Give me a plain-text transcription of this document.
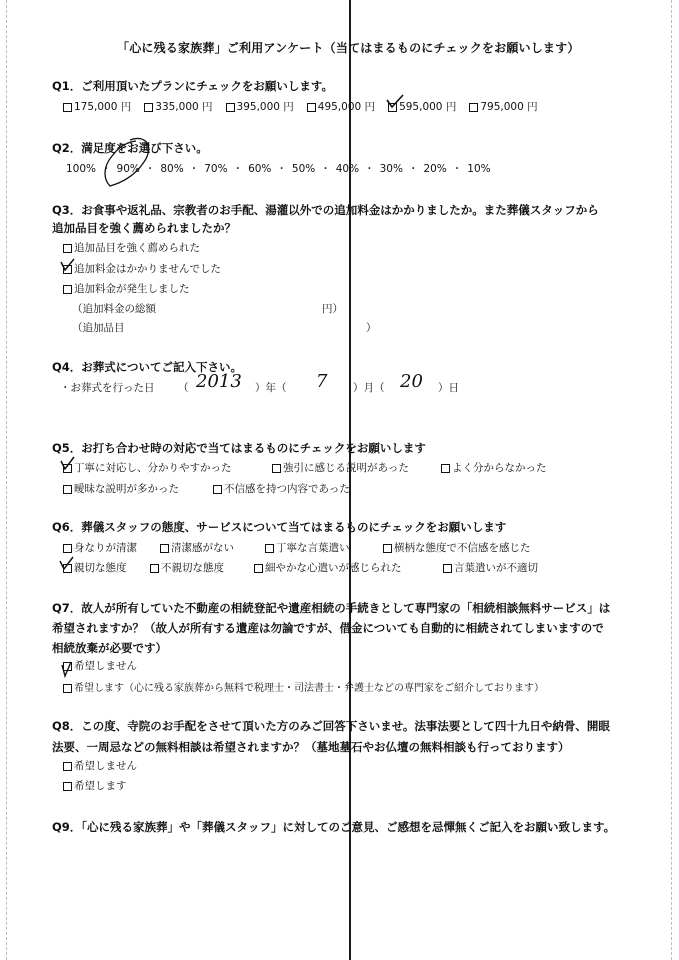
「心に残る家族葬」ご利用アンケート（当てはまるものにチェックをお願いします）
Q1．ご利用頂いたプランにチェックをお願いします。
175,000 円	335,000 円	395,000 円	495,000 円	595,000 円	795,000 円
Q2．満足度をお選び下さい。
100% ・ 90% ・ 80% ・ 70% ・ 60% ・ 50% ・ 40% ・ 30% ・ 20% ・ 10%
Q3．お食事や返礼品、宗教者のお手配、湯灌以外での追加料金はかかりましたか。また葬儀スタッフから
追加品目を強く薦められましたか？
追加品目を強く薦められた
追加料金はかかりませんでした
追加料金が発生しました
（追加料金の総額	円）
（追加品目	）
Q4．お葬式についてご記入下さい。
・お葬式を行った日 （ 2013 ）年（ 7 ）月（ 20 ）日
Q5．お打ち合わせ時の対応で当てはまるものにチェックをお願いします
丁寧に対応し、分かりやすかった	強引に感じる説明があった	よく分からなかった
曖昧な説明が多かった	不信感を持つ内容であった
Q6．葬儀スタッフの態度、サービスについて当てはまるものにチェックをお願いします
身なりが清潔	清潔感がない	丁寧な言葉遣い	横柄な態度で不信感を感じた
親切な態度	不親切な態度	細やかな心遣いが感じられた	言葉遣いが不適切
Q7．故人が所有していた不動産の相続登記や遺産相続の手続きとして専門家の「相続相談無料サービス」は
希望されますか？（故人が所有する遺産は勿論ですが、借金についても自動的に相続されてしまいますので
相続放棄が必要です）
希望しません
希望します（心に残る家族葬から無料で税理士・司法書士・弁護士などの専門家をご紹介しております）
Q8．この度、寺院のお手配をさせて頂いた方のみご回答下さいませ。法事法要として四十九日や納骨、開眼
法要、一周忌などの無料相談は希望されますか？（墓地墓石やお仏壇の無料相談も行っております）
希望しません
希望します
Q9．「心に残る家族葬」や「葬儀スタッフ」に対してのご意見、ご感想を忌憚無くご記入をお願い致します。
